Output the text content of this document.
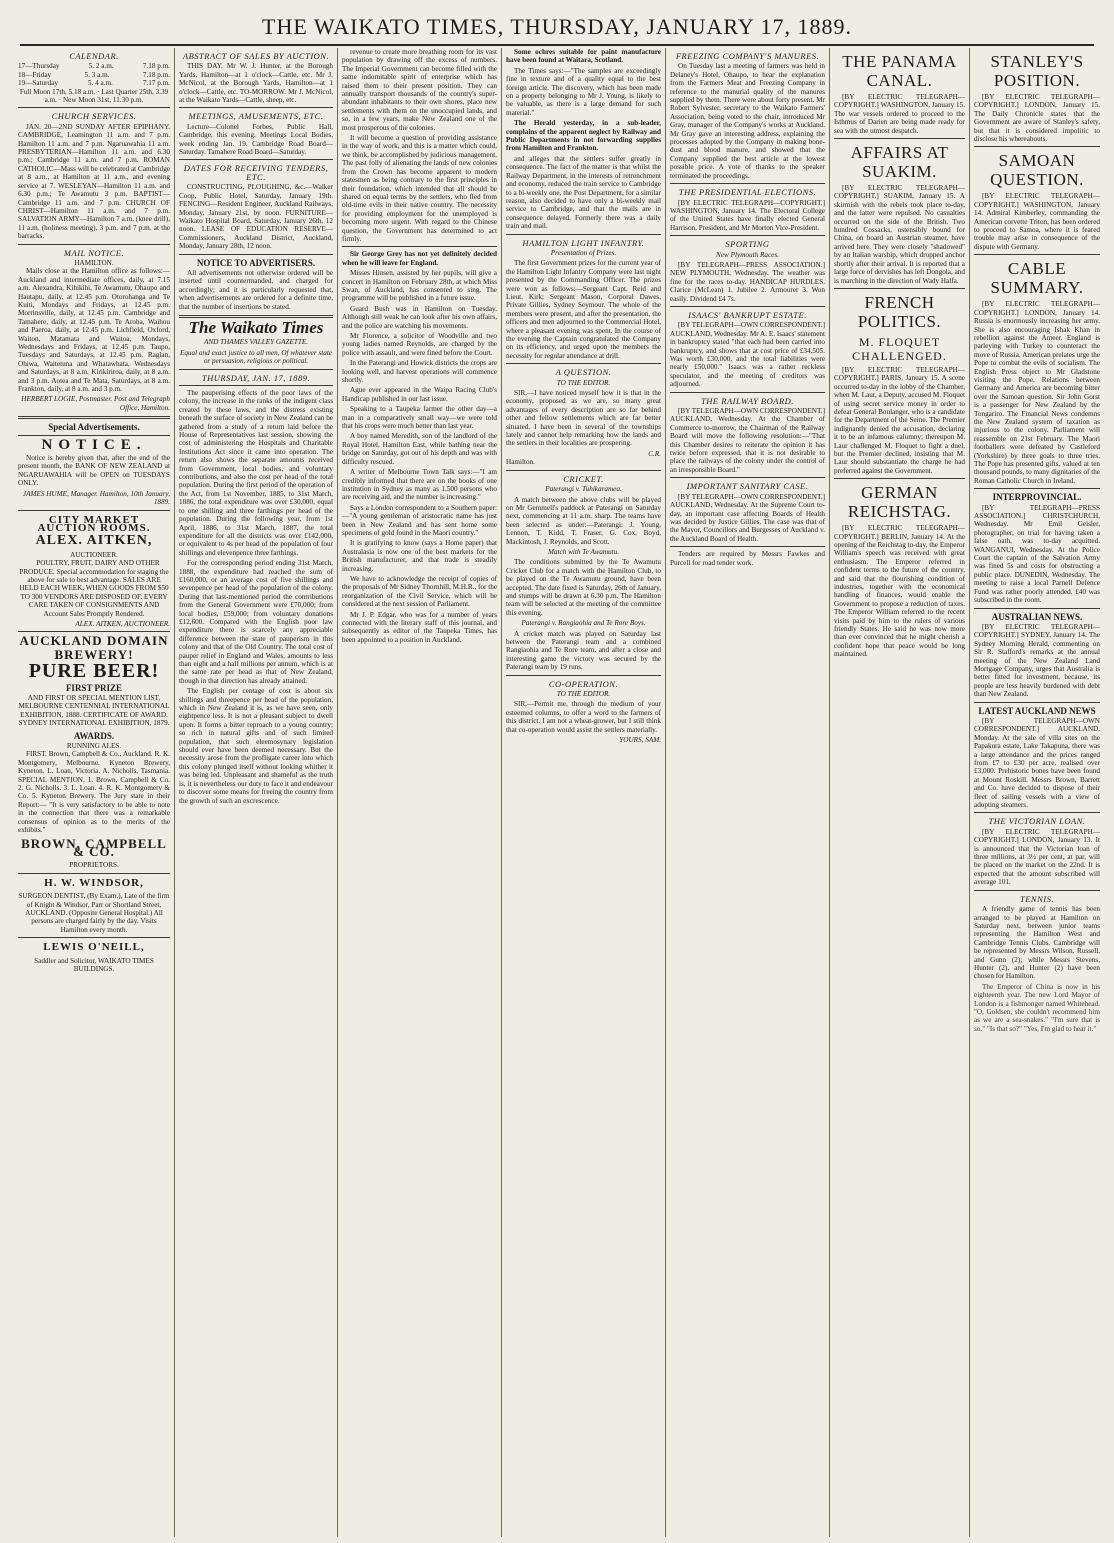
THE WAIKATO TIMES, THURSDAY, JANUARY 17, 1889.
CALENDAR.
17—Thursday	5. 2 a.m.	7.18 p.m.
18—Friday	5. 3 a.m.	7.18 p.m.
19—Saturday	5. 4 a.m.	7.17 p.m.
Full Moon 17th, 5.18 a.m. · Last Quarter 25th, 3.39 a.m. · New Moon 31st, 11.30 p.m.
CHURCH SERVICES.
JAN. 20—2ND SUNDAY AFTER EPIPHANY. CAMBRIDGE, Leamington 11 a.m. and 7 p.m. Hamilton 11 a.m. and 7 p.m. Ngaruawahia 11 a.m. PRESBYTERIAN—Hamilton 11 a.m. and 6.30 p.m.; Cambridge 11 a.m. and 7 p.m. ROMAN CATHOLIC—Mass will be celebrated at Cambridge at 8 a.m., at Hamilton at 11 a.m., and evening service at 7. WESLEYAN—Hamilton 11 a.m. and 6.30 p.m.; Te Awamutu 3 p.m. BAPTIST—Cambridge 11 a.m. and 7 p.m. CHURCH OF CHRIST—Hamilton 11 a.m. and 7 p.m. SALVATION ARMY—Hamilton 7 a.m. (knee drill), 11 a.m. (holiness meeting), 3 p.m. and 7 p.m. at the barracks.
MAIL NOTICE.
HAMILTON.
Mails close at the Hamilton office as follows:— Auckland and intermediate offices, daily, at 7.15 a.m. Alexandra, Kihikihi, Te Awamutu, Ohaupo and Hautapu, daily, at 12.45 p.m. Otorohanga and Te Kuiti, Mondays and Fridays, at 12.45 p.m. Morrinsville, daily, at 12.45 p.m. Cambridge and Tamahere, daily, at 12.45 p.m. Te Aroha, Waihou and Paeroa, daily, at 12.45 p.m. Lichfield, Oxford, Waiton, Matamata and Waitoa, Mondays, Wednesdays and Fridays, at 12.45 p.m. Taupo, Tuesdays and Saturdays, at 12.45 p.m. Raglan, Ohiwa, Waitetuna and Whatawhata, Wednesdays and Saturdays, at 8 a.m. Kirikiriroa, daily, at 8 a.m. and 3 p.m. Aotea and Te Mata, Saturdays, at 8 a.m. Frankton, daily, at 8 a.m. and 3 p.m.
HERBERT LOGIE, Postmaster. Post and Telegraph Office, Hamilton.
Special Advertisements.
NOTICE.
Notice is hereby given that, after the end of the present month, the BANK OF NEW ZEALAND at NGARUAWAHIA will be OPEN on TUESDAYS ONLY.
JAMES HUME, Manager. Hamilton, 10th January, 1889.
CITY MARKET AUCTION ROOMS.
ALEX. AITKEN,
AUCTIONEER.
POULTRY, FRUIT, DAIRY AND OTHER PRODUCE. Special accommodation for staging the above for sale to best advantage. SALES ARE HELD EACH WEEK, WHEN GOODS FROM $50 TO 300 VENDORS ARE DISPOSED OF. EVERY CARE TAKEN OF CONSIGNMENTS AND Account Sales Promptly Rendered.
ALEX. AITKEN, AUCTIONEER.
AUCKLAND DOMAIN
BREWERY!
PURE BEER!
FIRST PRIZE
AND FIRST OR SPECIAL MENTION LIST, MELBOURNE CENTENNIAL INTERNATIONAL EXHIBITION, 1888. CERTIFICATE OF AWARD. SYDNEY INTERNATIONAL EXHIBITION, 1879.
AWARDS.
RUNNING ALES.
FIRST. Brown, Campbell & Co., Auckland. R. K. Montgomery, Melbourne. Kyneton Brewery, Kyneton. L. Loan, Victoria. A. Nicholls, Tasmania. SPECIAL MENTION. 1. Brown, Campbell & Co. 2. G. Nicholls. 3. L. Loan. 4. R. K. Montgomery & Co. 5. Kyneton Brewery. The Jury state in their Report:— "It is very satisfactory to be able to note in the connection that there was a remarkable consensus of opinion as to the merits of the exhibits."
BROWN, CAMPBELL & CO.
PROPRIETORS.
H. W. WINDSOR,
SURGEON DENTIST, (By Exam.), Late of the firm of Knight & Windsor, Parr or Shortland Street, AUCKLAND. (Opposite General Hospital.) All persons are charged fairly by the day. Visits Hamilton every month.
LEWIS O'NEILL,
Saddler and Solicitor, WAIKATO TIMES BUILDINGS.
ABSTRACT OF SALES BY AUCTION.
THIS DAY. Mr W. J. Hunter, at the Borough Yards, Hamilton—at 1 o'clock—Cattle, etc. Mr J. McNicol, at the Borough Yards, Hamilton—at 1 o'clock—Cattle, etc. TO-MORROW. Mr J. McNicol, at the Waikato Yards—Cattle, sheep, etc.
MEETINGS, AMUSEMENTS, ETC.
Lecture—Colonel Forbes, Public Hall, Cambridge, this evening. Meetings Local Bodies, week ending Jan. 19. Cambridge Road Board—Saturday. Tamahere Road Board—Saturday.
DATES FOR RECEIVING TENDERS, ETC.
CONSTRUCTING, PLOUGHING, &c.—Walker Coop, Public Hotel, Saturday, January 19th. FENCING—Resident Engineer, Auckland Railways, Monday, January 21st, by noon. FURNITURE—Waikato Hospital Board, Saturday, January 26th, 12 noon. LEASE OF EDUCATION RESERVE—Commissioners, Auckland District, Auckland, Monday, January 28th, 12 noon.
NOTICE TO ADVERTISERS.
All advertisements not otherwise ordered will be inserted until countermanded, and charged for accordingly; and it is particularly requested that, when advertisements are ordered for a definite time, that the number of insertions be stated.
The Waikato Times
AND THAMES VALLEY GAZETTE.
Equal and exact justice to all men, Of whatever state or persuasion, religious or political.
THURSDAY, JAN. 17, 1889.
The pauperising effects of the poor laws of the colony, the increase in the ranks of the indigent class created by these laws, and the distress existing beneath the surface of society in New Zealand can be gathered from a study of a return laid before the House of Representatives last session, showing the cost of administering the Hospitals and Charitable Institutions Act since it came into operation. The return also shows the separate amounts received from Government, local bodies, and voluntary contributions, and also the cost per head of the total population. During the first period of the operation of the Act, from 1st November, 1885, to 31st March, 1886, the total expenditure was over £30,000, equal to one shilling and three farthings per head of the population. During the following year, from 1st April, 1886, to 31st March, 1887, the total expenditure for all the districts was over £142,000, or equivalent to 4s per head of the population of four shillings and elevenpence three farthings.
For the corresponding period ending 31st March, 1888, the expenditure had reached the sum of £160,000, or an average cost of five shillings and sevenpence per head of the population of the colony. During that last-mentioned period the contributions from the General Government were £70,000; from local bodies, £59,000; from voluntary donations £12,600. Compared with the English poor law expenditure there is scarcely any appreciable difference between the state of pauperism in this colony and that of the Old Country. The total cost of pauper relief in England and Wales, amounts to less than eight and a half millions per annum, which is at the same rate per head as that of New Zealand, though in that direction has already attained.
The English per centage of cost is about six shillings and threepence per head of the population, which in New Zealand it is, as we have seen, only eightpence less. It is not a pleasant subject to dwell upon. It forms a bitter reproach to a young country; so rich in natural gifts and of such limited population, that such eleemosynary legislation should ever have been deemed necessary. But the necessity arose from the profligate career into which this colony plunged itself without looking whither it was being led. Unpleasant and shameful as the truth is, it is nevertheless our duty to face it and endeavour to discover some means for freeing the country from the growth of such an excrescence.
revenue to create more breathing room for its vast population by drawing off the excess of numbers. The Imperial Government can become filled with the same indomitable spirit of enterprise which has raised them to their present position. They can annually transport thousands of the country's super-abundant inhabitants to their own shores, place new settlements with them on the unoccupied lands, and so, in a few years, make New Zealand one of the most prosperous of the colonies.
It will become a question of providing assistance in the way of work, and this is a matter which could, we think, be accomplished by judicious management. The past folly of alienating the lands of new colonies from the Crown has become apparent to modern statesmen as being contrary to the first principles in their foundation, which intended that all should be shared on equal terms by the settlers, who fled from old-time evils in their native country. The necessity for providing employment for the unemployed is becoming more urgent. With regard to the Chinese question, the Government has determined to act firmly.
Sir George Grey has not yet definitely decided when he will leave for England.
Misses Hinsen, assisted by her pupils, will give a concert in Hamilton on February 28th, at which Miss Swan, of Auckland, has consented to sing. The programme will be published in a future issue.
Guard Bush was in Hamilton on Tuesday. Although still weak he can look after his own affairs, and the police are watching his movements.
Mr Florence, a solicitor of Woodville and two young ladies named Reynolds, are charged by the police with assault, and were fined before the Court.
In the Paterangi and Howick districts the crops are looking well, and harvest operations will commence shortly.
Ague ever appeared in the Waipa Racing Club's Handicap published in our last issue.
Speaking to a Taupeka farmer the other day—a man in a comparatively small way—we were told that his crops were much better than last year.
A boy named Meredith, son of the landlord of the Royal Hotel, Hamilton East, while bathing near the bridge on Saturday, got out of his depth and was with difficulty rescued.
A writer of Melbourne Town Talk says:—"I am credibly informed that there are on the books of one institution in Sydney as many as 1,500 persons who are receiving aid, and the number is increasing."
Says a London correspondent to a Southern paper:—"A young gentleman of aristocratic name has just been in New Zealand and has sent home some specimens of gold found in the Maori country."
It is gratifying to know (says a Home paper) that Australasia is now one of the best markets for the British manufacturer, and that trade is steadily increasing.
We have to acknowledge the receipt of copies of the proposals of Mr Sidney Thornhill, M.H.R., for the reorganization of the Civil Service, which will be considered at the next session of Parliament.
Mr J. P. Edgar, who was for a number of years connected with the literary staff of this journal, and subsequently as editor of the Taupeka Times, has been appointed to a position in Auckland.
Some ochres suitable for paint manufacture have been found at Waitara, Scotland.
The Times says:—"The samples are exceedingly fine in texture and of a quality equal to the best foreign article. The discovery, which has been made on a property belonging to Mr J. Young, is likely to be valuable, as there is a large demand for such material."
The Herald yesterday, in a sub-leader, complains of the apparent neglect by Railway and Public Departments in not forwarding supplies from Hamilton and Frankton.
and alleges that the settlers suffer greatly in consequence. The fact of the matter is that whilst the Railway Department, in the interests of retrenchment and economy, reduced the train service to Cambridge to a bi-weekly one, the Post Department, for a similar reason, also decided to have only a bi-weekly mail service to Cambridge, and that the mails are in consequence delayed. Formerly there was a daily train and mail.
HAMILTON LIGHT INFANTRY.
Presentation of Prizes.
The first Government prizes for the current year of the Hamilton Light Infantry Company were last night presented by the Commanding Officer. The prizes were won as follows:—Sergeant Capt. Reid and Lieut. Kirk; Sergeant Mason, Corporal Dawes, Private Gillies, Sydney Seymour. The whole of the members were present, and after the presentation, the officers and men adjourned to the Commercial Hotel, where a pleasant evening was spent. In the course of the evening the Captain congratulated the Company on its efficiency, and urged upon the members the necessity for regular attendance at drill.
A QUESTION.
TO THE EDITOR.
SIR,—I have noticed myself how it is that in the economy, proposed as we are, so many great advantages of every description are so far behind other and fellow settlements which are far better situated. I have been in several of the townships lately and cannot help remarking how the lands and the settlers in their localities are prospering.
C.R.
Hamilton.
CRICKET.
Paterangi v. Tuhikaramea.
A match between the above clubs will be played on Mr Gemmell's paddock at Paterangi on Saturday next, commencing at 11 a.m. sharp. The teams have been selected as under:—Paterangi: J. Young, Lennon, T. Kidd, T. Fraser, G. Cox, Boyd, Mackintosh, J. Reynolds, and Scott.
Match with Te Awamutu.
The conditions submitted by the Te Awamutu Cricket Club for a match with the Hamilton Club, to be played on the Te Awamutu ground, have been accepted. The date fixed is Saturday, 26th of January, and stumps will be drawn at 6.30 p.m. The Hamilton team will be selected at the meeting of the committee this evening.
Paterangi v. Rangiaohia and Te Rore Boys.
A cricket match was played on Saturday last between the Paterangi team and a combined Rangiaohia and Te Rore team, and after a close and interesting game the victory was secured by the Paterangi team by 19 runs.
CO-OPERATION.
TO THE EDITOR.
SIR,—Permit me, through the medium of your esteemed columns, to offer a word to the farmers of this district. I am not a wheat-grower, but I still think that co-operation would assist the settlers materially.
YOURS, SAM.
FREEZING COMPANY'S MANURES.
On Tuesday last a meeting of farmers was held in Delaney's Hotel, Ohaupo, to hear the explanation from the Farmers Meat and Freezing Company in reference to the manurial quality of the manures supplied by them. There were about forty present. Mr Robert Sylvester, secretary to the Waikato Farmers' Association, being voted to the chair, introduced Mr Gray, manager of the Company's works at Auckland. Mr Gray gave an interesting address, explaining the processes adopted by the Company in making bone-dust and blood manure, and showed that the Company supplied the best article at the lowest possible price. A vote of thanks to the speaker terminated the proceedings.
THE PRESIDENTIAL ELECTIONS.
[BY ELECTRIC TELEGRAPH—COPYRIGHT.] WASHINGTON, January 14. The Electoral College of the United States have finally elected General Harrison, President, and Mr Morton Vice-President.
SPORTING
New Plymouth Races.
[BY TELEGRAPH—PRESS ASSOCIATION.] NEW PLYMOUTH, Wednesday. The weather was fine for the races to-day. HANDICAP HURDLES. Clarice (McLean) 1. Jubilee 2. Armourer 3. Won easily. Dividend £4 7s.
ISAACS' BANKRUPT ESTATE.
[BY TELEGRAPH—OWN CORRESPONDENT.] AUCKLAND, Wednesday. Mr A. E. Isaacs' statement in bankruptcy stated "that each had been carried into bankruptcy, and shows that at cost price of £34,505. Was worth £30,000, and the total liabilities were nearly £50,000." Isaacs was a rather reckless speculator, and the meeting of creditors was adjourned.
THE RAILWAY BOARD.
[BY TELEGRAPH—OWN CORRESPONDENT.] AUCKLAND, Wednesday. At the Chamber of Commerce to-morrow, the Chairman of the Railway Board will move the following resolution:—"That this Chamber desires to reiterate the opinion it has twice before expressed, that it is not desirable to place the railways of the colony under the control of an irresponsible Board."
IMPORTANT SANITARY CASE.
[BY TELEGRAPH—OWN CORRESPONDENT.] AUCKLAND, Wednesday. At the Supreme Court to-day, an important case affecting Boards of Health was decided by Justice Gillies. The case was that of the Mayor, Councillors and Burgesses of Auckland v. the Auckland Board of Health.
Tenders are required by Messrs Fawkes and Purcell for road tender work.
THE PANAMA CANAL.
[BY ELECTRIC TELEGRAPH—COPYRIGHT.] WASHINGTON, January 15. The war vessels ordered to proceed to the Isthmus of Darien are being made ready for sea with the utmost despatch.
AFFAIRS AT SUAKIM.
[BY ELECTRIC TELEGRAPH—COPYRIGHT.] SUAKIM, January 15. A skirmish with the rebels took place to-day, and the latter were repulsed. No casualties occurred on the side of the British. Two hundred Cossacks, ostensibly bound for China, on board an Austrian steamer, have arrived here. They were closely "shadowed" by an Italian warship, which dropped anchor shortly after their arrival. It is reported that a large force of dervishes has left Dongola, and is marching in the direction of Wady Halfa.
FRENCH POLITICS.
M. FLOQUET CHALLENGED.
[BY ELECTRIC TELEGRAPH—COPYRIGHT.] PARIS, January 15. A scene occurred to-day in the lobby of the Chamber, when M. Laur, a Deputy, accused M. Floquet of using secret service money in order to defeat General Boulanger, who is a candidate for the Department of the Seine. The Premier indignantly denied the accusation, declaring it to be an infamous calumny; thereupon M. Laur challenged M. Floquet to fight a duel, but the Premier declined, insisting that M. Laur should substantiate the charge he had preferred against the Government.
GERMAN REICHSTAG.
[BY ELECTRIC TELEGRAPH—COPYRIGHT.] BERLIN, January 14. At the opening of the Reichstag to-day, the Emperor William's speech was received with great enthusiasm. The Emperor referred in confident terms to the future of the country, and said that the flourishing condition of industries, together with the economical handling of finances, would enable the Government to propose a reduction of taxes. The Emperor William referred to the recent visits paid by him to the rulers of various friendly States. He said he was now more than ever convinced that he might cherish a confident hope that peace would be long maintained.
STANLEY'S POSITION.
[BY ELECTRIC TELEGRAPH—COPYRIGHT.] LONDON, January 15. The Daily Chronicle states that the Government are aware of Stanley's safety, but that it is considered impolitic to disclose his whereabouts.
SAMOAN QUESTION.
[BY ELECTRIC TELEGRAPH—COPYRIGHT.] WASHINGTON, January 14. Admiral Kimberley, commanding the American corvette Triton, has been ordered to proceed to Samoa, where it is feared trouble may arise in consequence of the dispute with Germany.
CABLE SUMMARY.
[BY ELECTRIC TELEGRAPH—COPYRIGHT.] LONDON, January 14. Russia is enormously increasing her army. She is also encouraging Ishak Khan in rebellion against the Ameer. England is parleying with Turkey to counteract the move of Russia. American prelates urge the Pope to combat the evils of socialism. The English Press object to Mr Gladstone visiting the Pope. Relations between Germany and America are becoming bitter over the Samoan question. Sir John Gorst is a passenger for New Zealand by the Tongariro. The Financial News condemns the New Zealand system of taxation as injurious to the colony. Parliament will reassemble on 21st February. The Maori footballers were defeated by Castleford (Yorkshire) by three goals to three tries. The Pope has presented gifts, valued at ten thousand pounds, to many dignitaries of the Roman Catholic Church in Ireland.
INTERPROVINCIAL.
[BY TELEGRAPH—PRESS ASSOCIATION.] CHRISTCHURCH, Wednesday. Mr Emil Geisler, photographer, on trial for having taken a false oath, was to-day acquitted. WANGANUI, Wednesday. At the Police Court the captain of the Salvation Army was fined 5s and costs for obstructing a public place. DUNEDIN, Wednesday. The meeting to raise a local Parnell Defence Fund was rather poorly attended. £40 was subscribed in the room.
AUSTRALIAN NEWS.
[BY ELECTRIC TELEGRAPH—COPYRIGHT.] SYDNEY, January 14. The Sydney Morning Herald, commenting on Sir R. Stafford's remarks at the annual meeting of the New Zealand Land Mortgage Company, urges that Australia is better fitted for investment, because, its people are less heavily burdened with debt than New Zealand.
LATEST AUCKLAND NEWS
[BY TELEGRAPH—OWN CORRESPONDENT.] AUCKLAND, Monday. At the sale of villa sites on the Papakura estate, Lake Takapuna, there was a large attendance and the prices ranged from £7 to £30 per acre, realised over £3,000. Prehistoric bones have been found at Mount Roskill. Messrs Brown, Barrett and Co. have decided to dispose of their fleet of sailing vessels with a view of adopting steamers.
THE VICTORIAN LOAN.
[BY ELECTRIC TELEGRAPH—COPYRIGHT.] LONDON, January 13. It is announced that the Victorian loan of three millions, at 3½ per cent, at par, will be placed on the market on the 22nd. It is expected that the amount subscribed will average 101.
TENNIS.
A friendly game of tennis has been arranged to be played at Hamilton on Saturday next, between junior teams representing the Hamilton West and Cambridge Tennis Clubs. Cambridge will be represented by Messrs Wilson, Russell, and Gunn (2); while Messrs Stevens, Hunter (2), and Hunter (2) have been chosen for Hamilton.
The Emperor of China is now in his eighteenth year. The new Lord Mayor of London is a fishmonger named Whitehead. "O, Goldsen, she couldn't recommend him as we are a sea-snakes." "I'm sure that is so." "Is that so?" "Yes, I'm glad to hear it."
